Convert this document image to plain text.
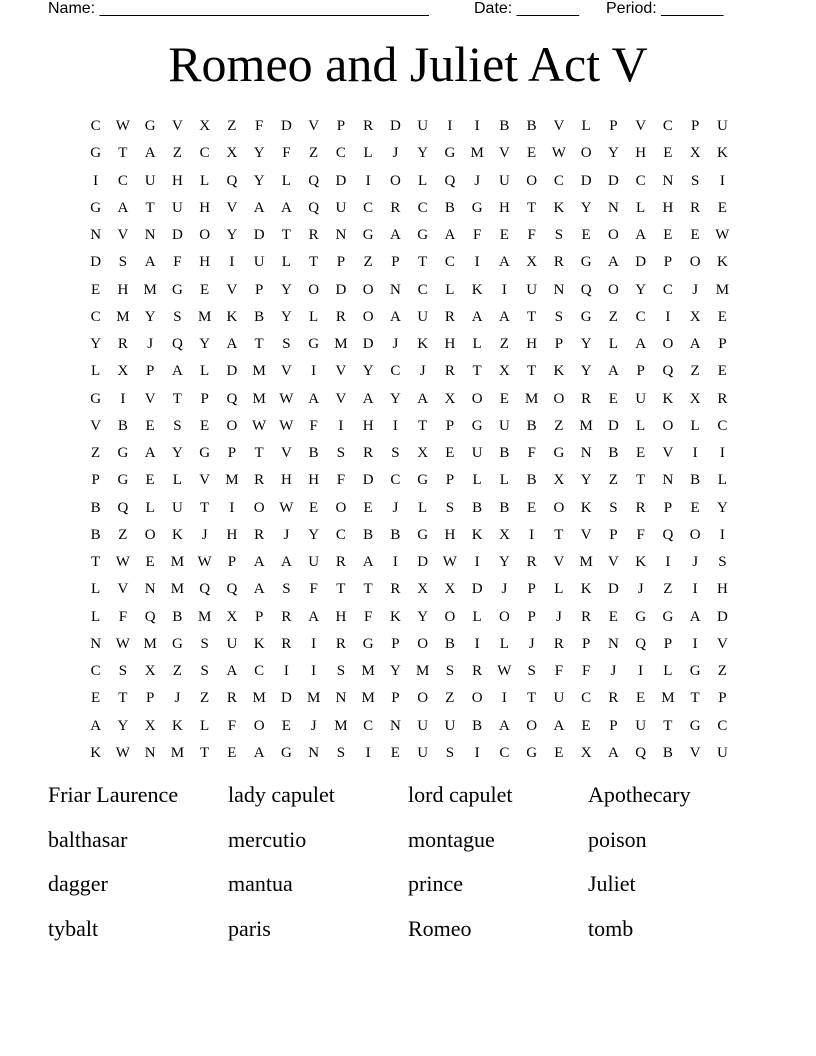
Name: _____________________________________	Date: _______ Period: _______
Romeo and Juliet Act V
C	W G	V	X	Z	F	D	V	P	R	D	U	I	I	B	B	V	L	P	V	C	P	U
G	T	A	Z	C	X	Y	F	Z	C	L	J	Y	G	M	V	E	W O	Y	H	E	X	K
I	C	U	H	L	Q	Y	L	Q	D	I	O	L	Q	J	U	O	C	D	D	C	N	S	I
G	A	T	U	H	V	A	A	Q	U	C	R	C	B	G	H	T	K	Y	N	L	H	R	E
N	V	N	D	O	Y	D	T	R	N	G	A	G	A	F	E	F	S	E	O	A	E	E	W
D	S	A	F	H	I	U	L	T	P	Z	P	T	C	I	A	X	R	G	A	D	P	O	K
E	H	M	G	E	V	P	Y	O	D	O	N	C	L	K	I	U	N	Q	O	Y	C	J	M
C	M	Y	S	M	K	B	Y	L	R	O	A	U	R	A	A	T	S	G	Z	C	I	X	E
Y	R	J	Q	Y	A	T	S	G	M	D	J	K	H	L	Z	H	P	Y	L	A	O	A	P
L	X	P	A	L	D	M	V	I	V	Y	C	J	R	T	X	T	K	Y	A	P	Q	Z	E
G	I	V	T	P	Q	M W A	V	A	Y	A	X	O	E	M	O	R	E	U	K	X	R
V	B	E	S	E	O W W	F	I	H	I	T	P	G	U	B	Z	M	D	L	O	L	C
Z	G	A	Y	G	P	T	V	B	S	R	S	X	E	U	B	F	G	N	B	E	V	I	I
P	G	E	L	V	M	R	H	H	F	D	C	G	P	L	L	B	X	Y	Z	T	N	B	L
B	Q	L	U	T	I	O W	E	O	E	J	L	S	B	B	E	O	K	S	R	P	E	Y
B	Z	O	K	J	H	R	J	Y	C	B	B	G	H	K	X	I	T	V	P	F	Q	O	I
T	W	E	M W	P	A	A	U	R	A	I	D W	I	Y	R	V	M	V	K	I	J	S
L	V	N	M	Q	Q	A	S	F	T	T	R	X	X	D	J	P	L	K	D	J	Z	I	H
L	F	Q	B	M	X	P	R	A	H	F	K	Y	O	L	O	P	J	R	E	G	G	A	D
N W M	G	S	U	K	R	I	R	G	P	O	B	I	L	J	R	P	N	Q	P	I	V
C	S	X	Z	S	A	C	I	I	S	M	Y	M	S	R	W	S	F	F	J	I	L	G	Z
E	T	P	J	Z	R	M	D	M	N	M	P	O	Z	O	I	T	U	C	R	E	M	T	P
A	Y	X	K	L	F	O	E	J	M	C	N	U	U	B	A	O	A	E	P	U	T	G	C
K W N	M	T	E	A	G	N	S	I	E	U	S	I	C	G	E	X	A	Q	B	V	U
Friar Laurence	lady capulet	lord capulet	Apothecary
balthasar	mercutio	montague	poison
dagger	mantua	prince	Juliet
tybalt	paris	Romeo	tomb
